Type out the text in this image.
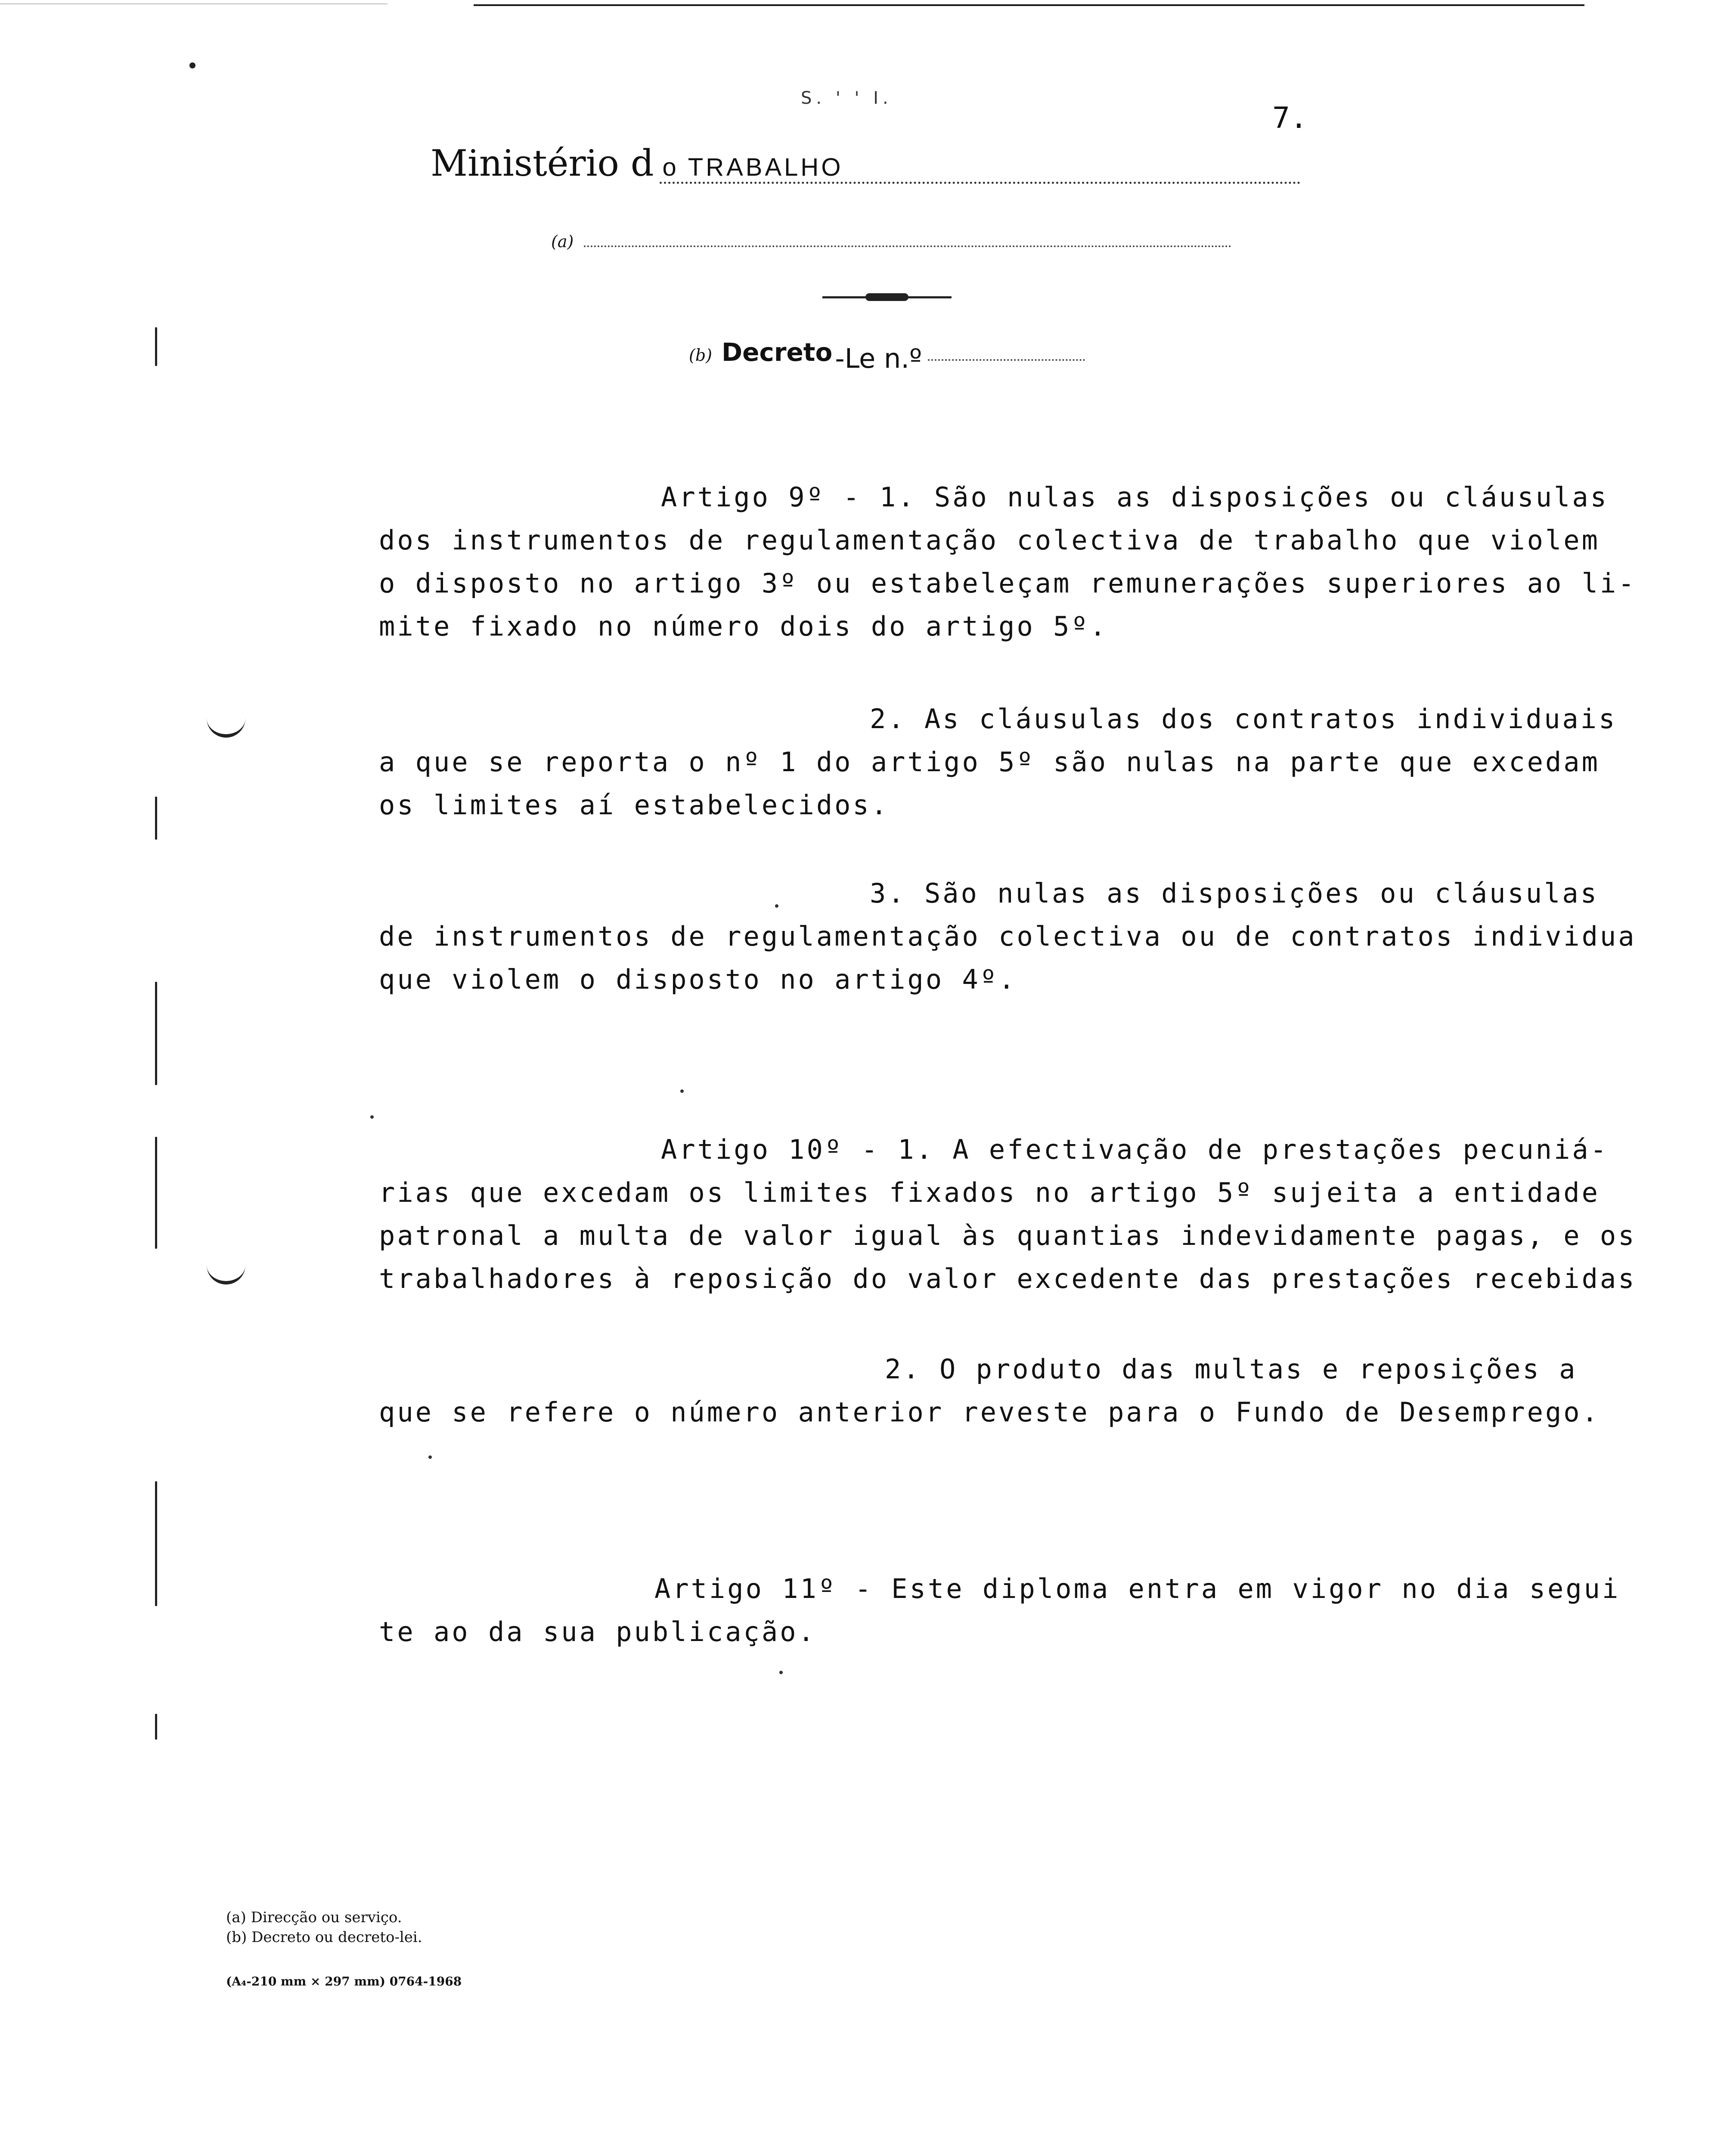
S. ' ' I.
7.
Ministério d o TRABALHO
(a)
(b) Decreto -Le n.º

Artigo 9º - 1. São nulas as disposições ou cláusulas
dos instrumentos de regulamentação colectiva de trabalho que violem
o disposto no artigo 3º ou estabeleçam remunerações superiores ao li-
mite fixado no número dois do artigo 5º.

2. As cláusulas dos contratos individuais
a que se reporta o nº 1 do artigo 5º são nulas na parte que excedam
os limites aí estabelecidos.

3. São nulas as disposições ou cláusulas
de instrumentos de regulamentação colectiva ou de contratos individua
que violem o disposto no artigo 4º.

Artigo 10º - 1. A efectivação de prestações pecuniá-
rias que excedam os limites fixados no artigo 5º sujeita a entidade
patronal a multa de valor igual às quantias indevidamente pagas, e os
trabalhadores à reposição do valor excedente das prestações recebidas

2. O produto das multas e reposições a
que se refere o número anterior reveste para o Fundo de Desemprego.

Artigo 11º - Este diploma entra em vigor no dia segui
te ao da sua publicação.

(a) Direcção ou serviço.
(b) Decreto ou decreto-lei.
(A₄-210 mm × 297 mm) 0764-1968
